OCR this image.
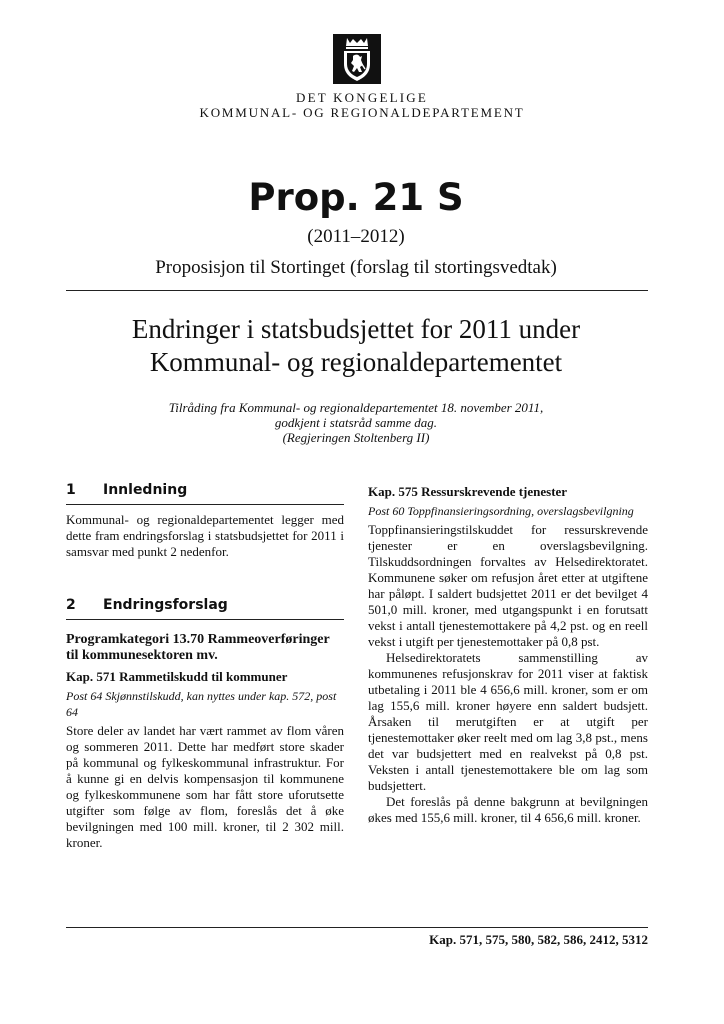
DET KONGELIGE
KOMMUNAL- OG REGIONALDEPARTEMENT
Prop. 21 S
(2011–2012)
Proposisjon til Stortinget (forslag til stortingsvedtak)
Endringer i statsbudsjettet for 2011 under
Kommunal- og regionaldepartementet
Tilråding fra Kommunal- og regionaldepartementet 18. november 2011,
godkjent i statsråd samme dag.
(Regjeringen Stoltenberg II)
1	Innledning

Kommunal- og regionaldepartementet legger med dette fram endringsforslag i statsbudsjettet for 2011 i samsvar med punkt 2 nedenfor.

2	Endringsforslag

Programkategori 13.70 Rammeoverføringer til kommunesektoren mv.

Kap. 571 Rammetilskudd til kommuner

Post 64 Skjønnstilskudd, kan nyttes under kap. 572, post 64

Store deler av landet har vært rammet av flom våren og sommeren 2011. Dette har medført store skader på kommunal og fylkeskommunal infrastruktur. For å kunne gi en delvis kompensasjon til kommunene og fylkeskommunene som har fått store uforutsette utgifter som følge av flom, foreslås det å øke bevilgningen med 100 mill. kroner, til 2 302 mill. kroner.

Kap. 575 Ressurskrevende tjenester

Post 60 Toppfinansieringsordning, overslagsbevilgning

Toppfinansieringstilskuddet for ressurskrevende tjenester er en overslagsbevilgning. Tilskuddsordningen forvaltes av Helsedirektoratet. Kommunene søker om refusjon året etter at utgiftene har påløpt. I saldert budsjettet 2011 er det bevilget 4 501,0 mill. kroner, med utgangspunkt i en forutsatt vekst i antall tjenestemottakere på 4,2 pst. og en reell vekst i utgift per tjenestemottaker på 0,8 pst.

Helsedirektoratets sammenstilling av kommunenes refusjonskrav for 2011 viser at faktisk utbetaling i 2011 ble 4 656,6 mill. kroner, som er om lag 155,6 mill. kroner høyere enn saldert budsjett. Årsaken til merutgiften er at utgift per tjenestemottaker øker reelt med om lag 3,8 pst., mens det var budsjettert med en realvekst på 0,8 pst. Veksten i antall tjenestemottakere ble om lag som budsjettert.

Det foreslås på denne bakgrunn at bevilgningen økes med 155,6 mill. kroner, til 4 656,6 mill. kroner.

Kap. 571, 575, 580, 582, 586, 2412, 5312
